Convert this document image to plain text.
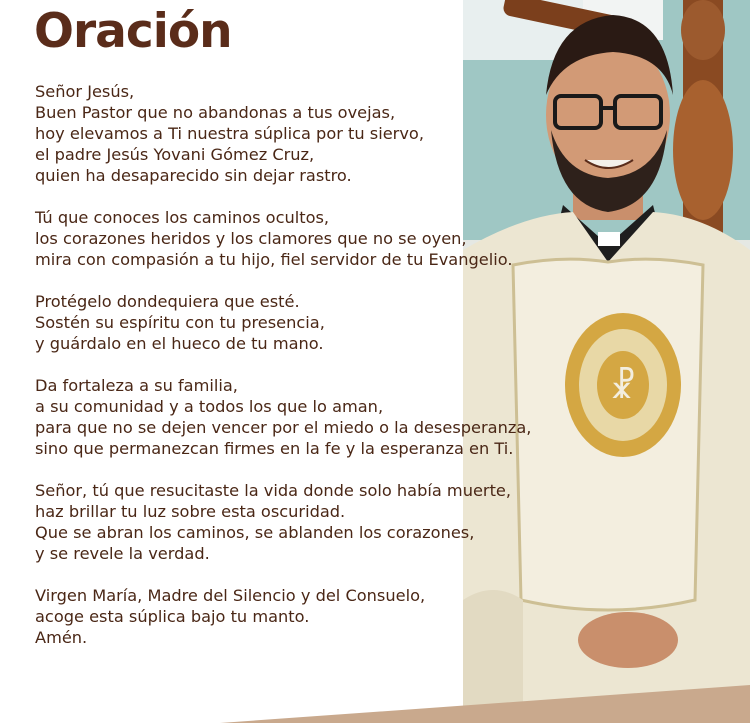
☧
Oración
Señor Jesús,
Buen Pastor que no abandonas a tus ovejas,
hoy elevamos a Ti nuestra súplica por tu siervo,
el padre Jesús Yovani Gómez Cruz,
quien ha desaparecido sin dejar rastro.
Tú que conoces los caminos ocultos,
los corazones heridos y los clamores que no se oyen,
mira con compasión a tu hijo, fiel servidor de tu Evangelio.
Protégelo dondequiera que esté.
Sostén su espíritu con tu presencia,
y guárdalo en el hueco de tu mano.
Da fortaleza a su familia,
a su comunidad y a todos los que lo aman,
para que no se dejen vencer por el miedo o la desesperanza,
sino que permanezcan firmes en la fe y la esperanza en Ti.
Señor, tú que resucitaste la vida donde solo había muerte,
haz brillar tu luz sobre esta oscuridad.
Que se abran los caminos, se ablanden los corazones,
y se revele la verdad.
Virgen María, Madre del Silencio y del Consuelo,
acoge esta súplica bajo tu manto.
Amén.
